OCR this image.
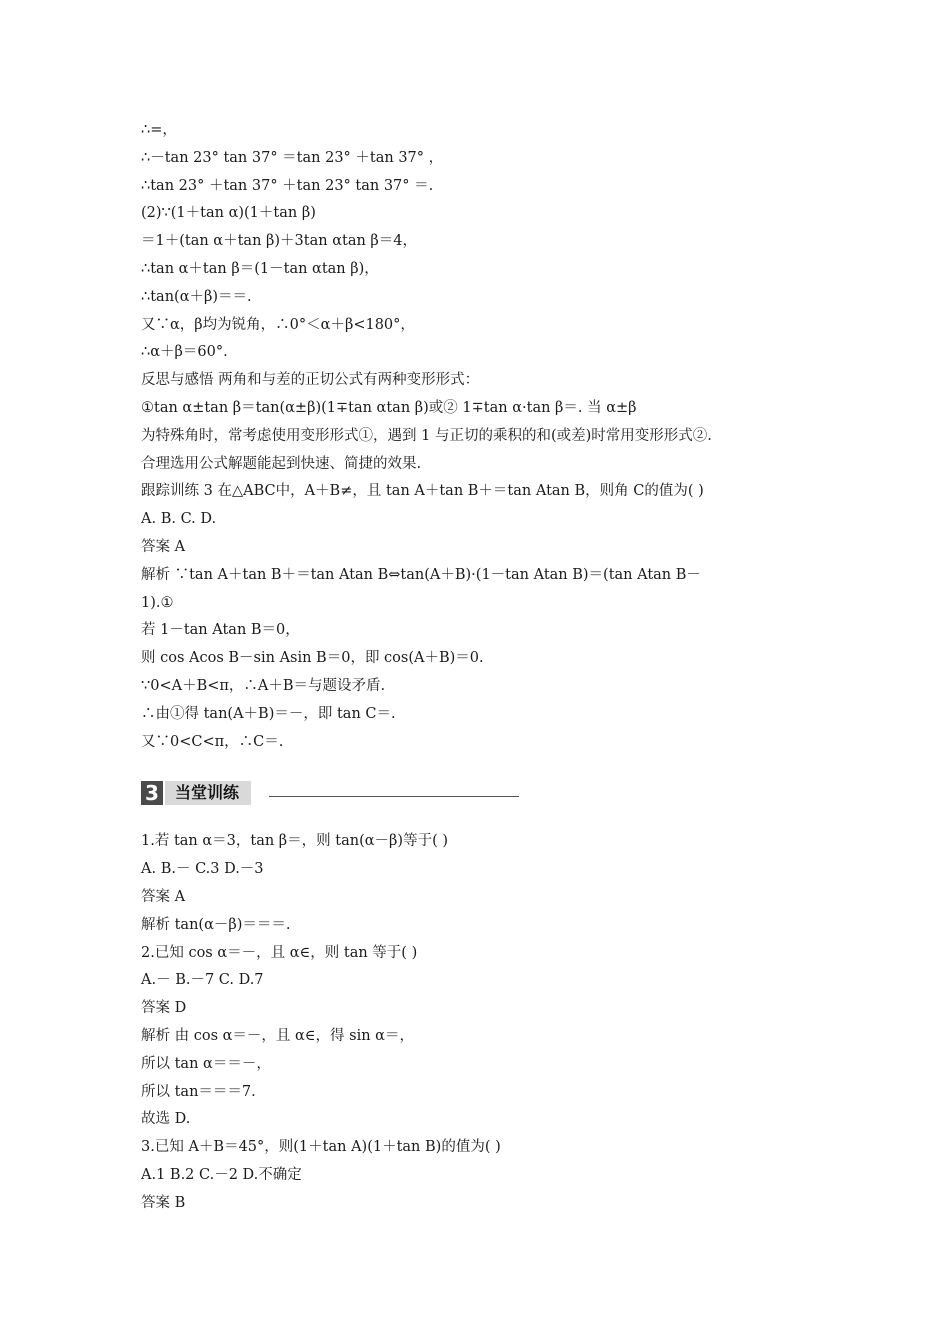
∴=，
∴－tan 23° tan 37° ＝tan 23° ＋tan 37° ，
∴tan 23° ＋tan 37° ＋tan 23° tan 37° ＝.
(2)∵(1＋tan α)(1＋tan β)
＝1＋(tan α＋tan β)＋3tan αtan β＝4，
∴tan α＋tan β＝(1－tan αtan β)，
∴tan(α＋β)＝＝.
又∵α，β均为锐角，∴0°＜α＋β<180°，
∴α＋β＝60°.
反思与感悟 两角和与差的正切公式有两种变形形式：
①tan α±tan β＝tan(α±β)(1∓tan αtan β)或② 1∓tan α·tan β＝. 当 α±β
为特殊角时，常考虑使用变形形式①，遇到 1 与正切的乘积的和(或差)时常用变形形式②.
合理选用公式解题能起到快速、简捷的效果.
跟踪训练 3 在△ABC中，A＋B≠，且 tan A＋tan B＋＝tan Atan B，则角 C的值为( )
A. B. C. D.
答案 A
解析 ∵tan A＋tan B＋＝tan Atan B⇔tan(A＋B)·(1－tan Atan B)＝(tan Atan B－
1).①
若 1－tan Atan B＝0，
则 cos Acos B－sin Asin B＝0，即 cos(A＋B)＝0.
∵0<A＋B<π，∴A＋B＝与题设矛盾.
∴由①得 tan(A＋B)＝－，即 tan C＝.
又∵0<C<π，∴C＝.
3	当堂训练
1.若 tan α＝3，tan β＝，则 tan(α－β)等于( )
A. B.－ C.3 D.－3
答案 A
解析 tan(α－β)＝＝＝.
2.已知 cos α＝－，且 α∈，则 tan 等于( )
A.－ B.－7 C. D.7
答案 D
解析 由 cos α＝－，且 α∈，得 sin α＝，
所以 tan α＝＝－，
所以 tan＝＝＝7.
故选 D.
3.已知 A＋B＝45°，则(1＋tan A)(1＋tan B)的值为( )
A.1 B.2 C.－2 D.不确定
答案 B
